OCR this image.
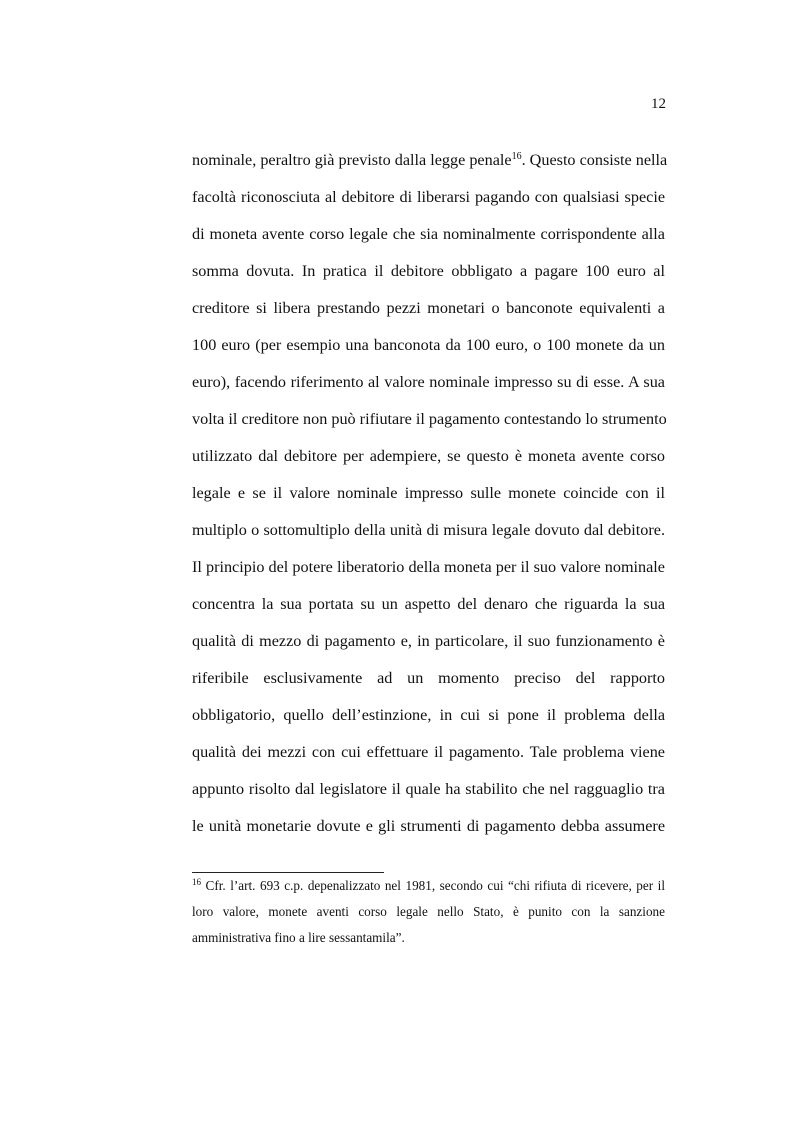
12
nominale, peraltro già previsto dalla legge penale$^{16}$. Questo consiste nella
facoltà riconosciuta al debitore di liberarsi pagando con qualsiasi specie
di moneta avente corso legale che sia nominalmente corrispondente alla
somma dovuta. In pratica il debitore obbligato a pagare 100 euro al
creditore si libera prestando pezzi monetari o banconote equivalenti a
100 euro (per esempio una banconota da 100 euro, o 100 monete da un
euro), facendo riferimento al valore nominale impresso su di esse. A sua
volta il creditore non può rifiutare il pagamento contestando lo strumento
utilizzato dal debitore per adempiere, se questo è moneta avente corso
legale e se il valore nominale impresso sulle monete coincide con il
multiplo o sottomultiplo della unità di misura legale dovuto dal debitore.
Il principio del potere liberatorio della moneta per il suo valore nominale
concentra la sua portata su un aspetto del denaro che riguarda la sua
qualità di mezzo di pagamento e, in particolare, il suo funzionamento è
riferibile esclusivamente ad un momento preciso del rapporto
obbligatorio, quello dell’estinzione, in cui si pone il problema della
qualità dei mezzi con cui effettuare il pagamento. Tale problema viene
appunto risolto dal legislatore il quale ha stabilito che nel ragguaglio tra
le unità monetarie dovute e gli strumenti di pagamento debba assumere
$^{16}$ Cfr. l’art. 693 c.p. depenalizzato nel 1981, secondo cui “chi rifiuta di ricevere, per il
loro valore, monete aventi corso legale nello Stato, è punito con la sanzione
amministrativa fino a lire sessantamila”.
